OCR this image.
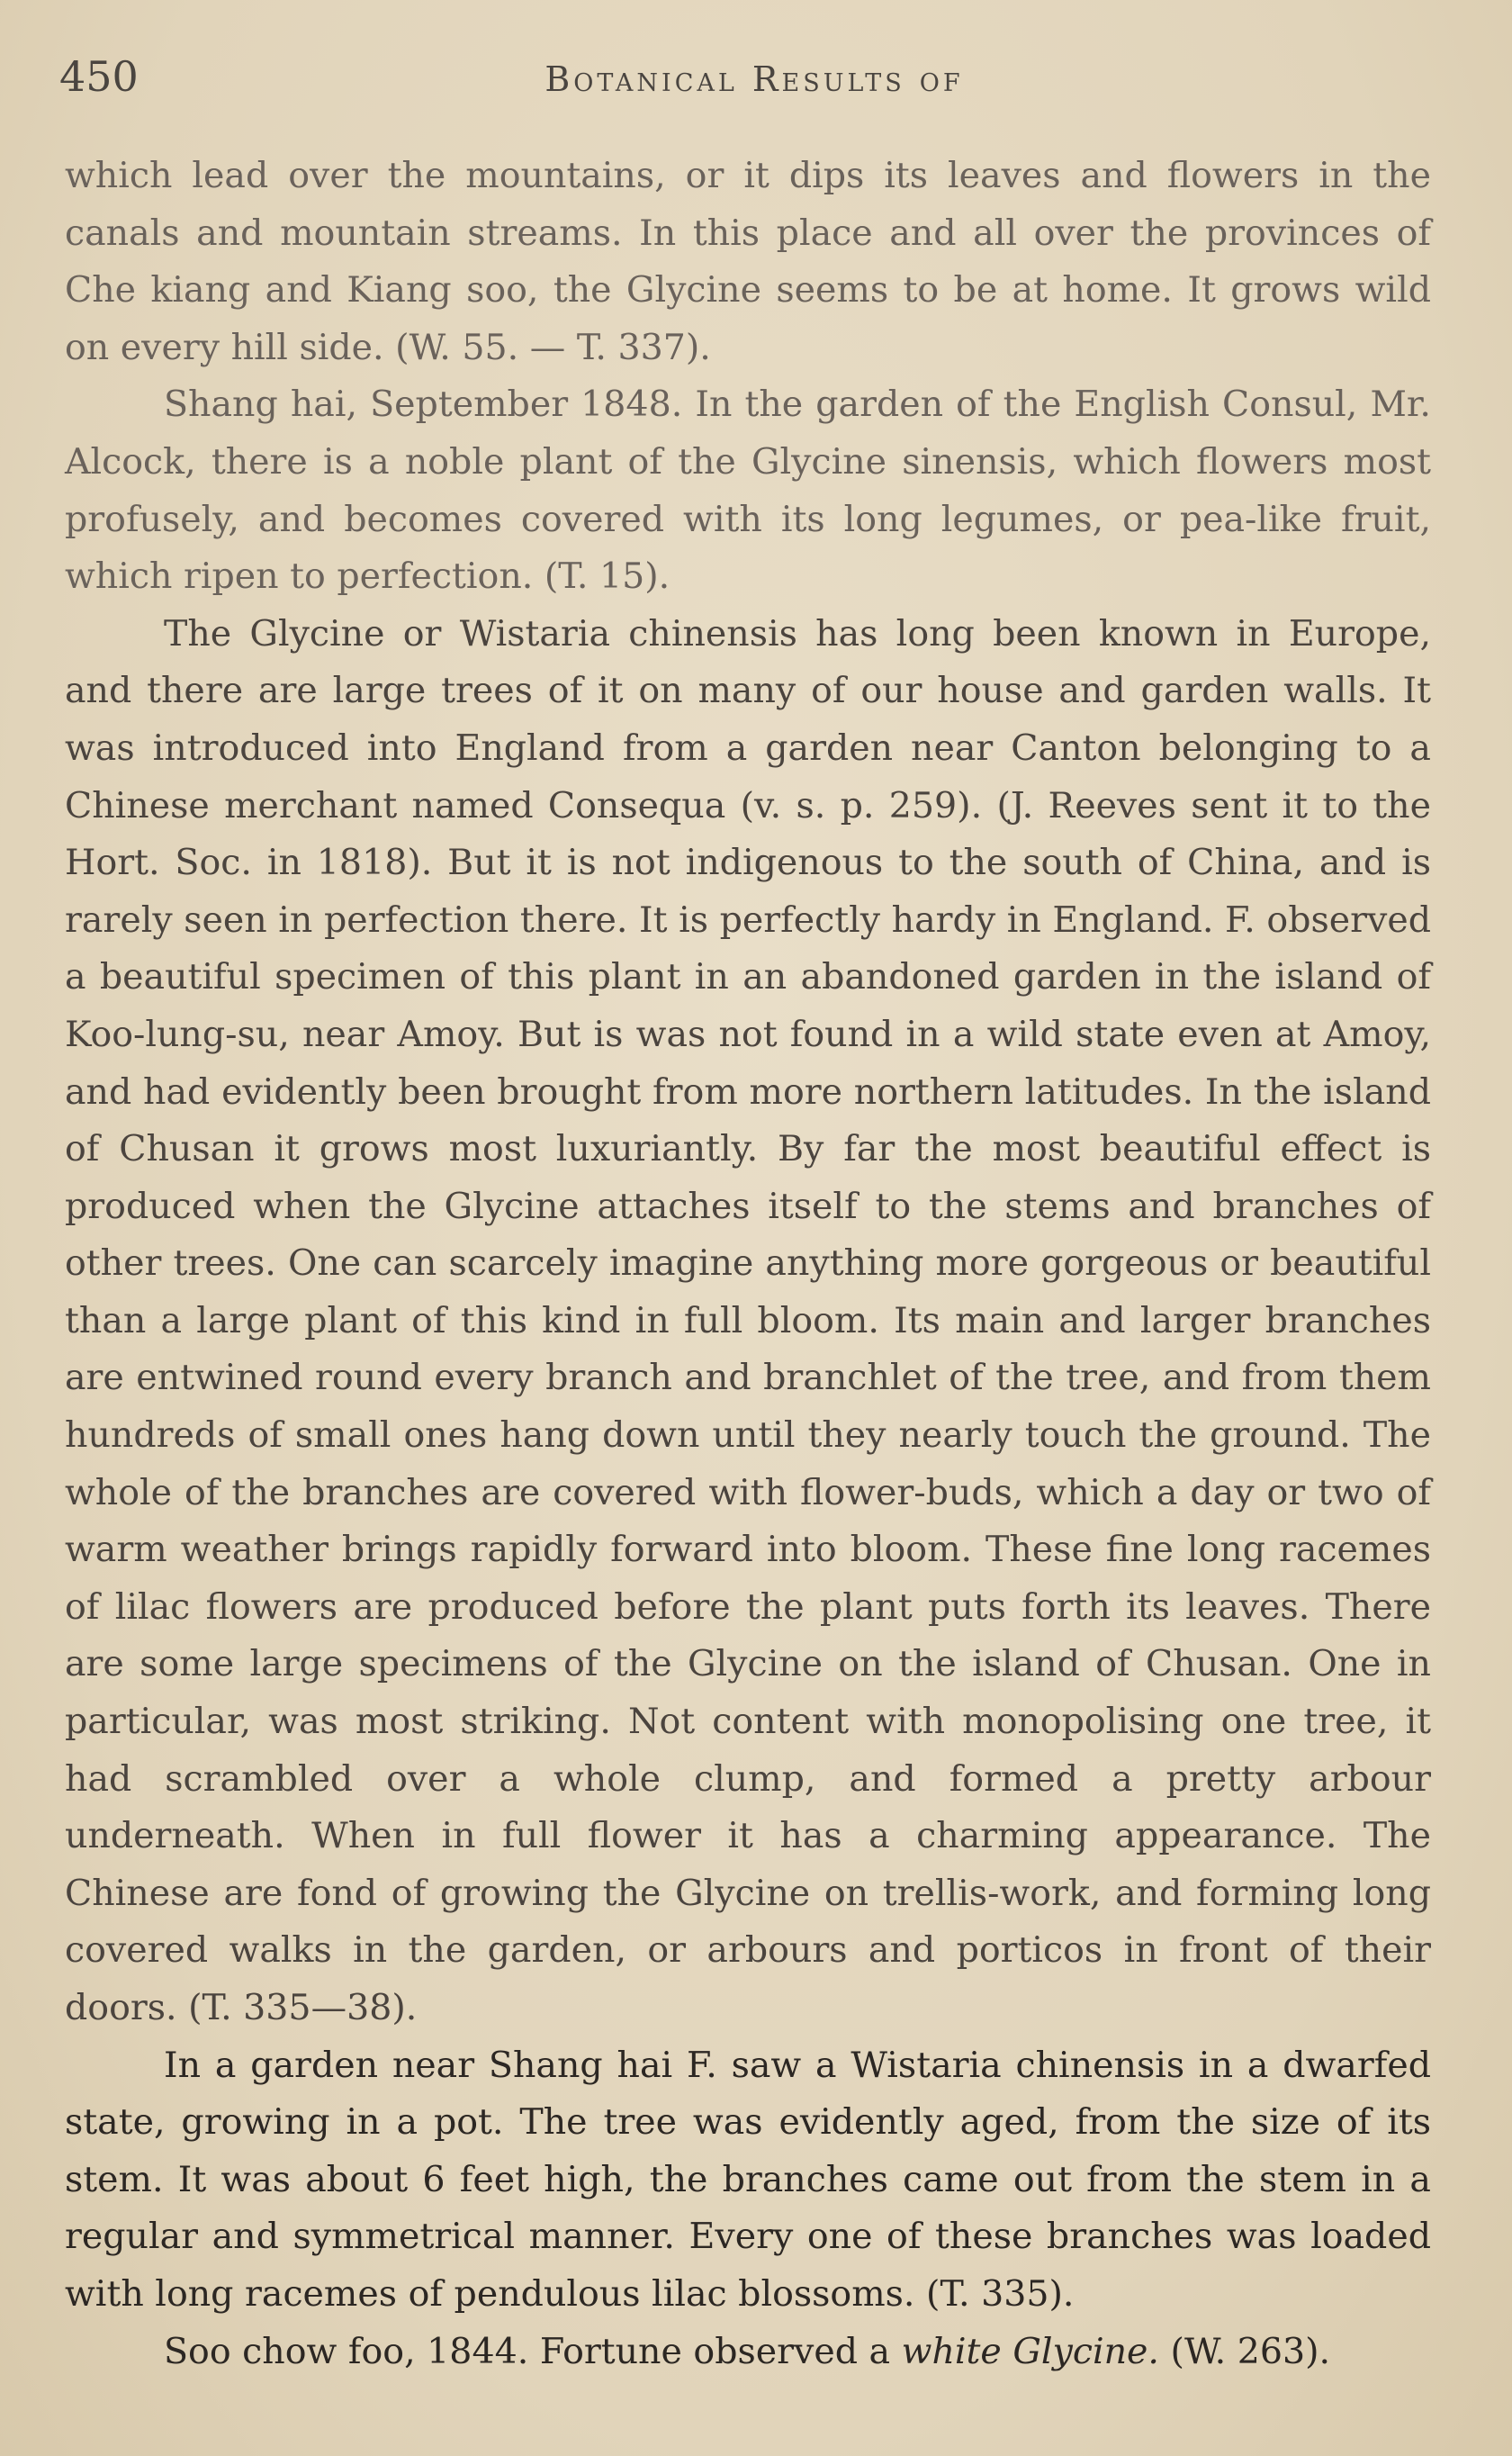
450	Botanical Results of

which lead over the mountains, or it dips its leaves and flowers in the canals and mountain streams. In this place and all over the provinces of Che kiang and Kiang soo, the Glycine seems to be at home. It grows wild on every hill side. (W. 55. — T. 337).

Shang hai, September 1848. In the garden of the English Consul, Mr. Alcock, there is a noble plant of the Glycine sinensis, which flowers most profusely, and becomes covered with its long legumes, or pea-like fruit, which ripen to perfection. (T. 15).

The Glycine or Wistaria chinensis has long been known in Europe, and there are large trees of it on many of our house and garden walls. It was introduced into England from a garden near Canton belonging to a Chinese merchant named Consequa (v. s. p. 259). (J. Reeves sent it to the Hort. Soc. in 1818). But it is not indigenous to the south of China, and is rarely seen in perfection there. It is perfectly hardy in England. F. observed a beautiful specimen of this plant in an abandoned garden in the island of Koo-lung-su, near Amoy. But is was not found in a wild state even at Amoy, and had evidently been brought from more northern latitudes. In the island of Chusan it grows most luxuriantly. By far the most beautiful effect is produced when the Glycine attaches itself to the stems and branches of other trees. One can scarcely imagine anything more gorgeous or beautiful than a large plant of this kind in full bloom. Its main and larger branches are entwined round every branch and branchlet of the tree, and from them hundreds of small ones hang down until they nearly touch the ground. The whole of the branches are covered with flower-buds, which a day or two of warm weather brings rapidly forward into bloom. These fine long racemes of lilac flowers are produced before the plant puts forth its leaves. There are some large specimens of the Glycine on the island of Chusan. One in particular, was most striking. Not content with monopolising one tree, it had scrambled over a whole clump, and formed a pretty arbour underneath. When in full flower it has a charming appearance. The Chinese are fond of growing the Glycine on trellis-work, and forming long covered walks in the garden, or arbours and porticos in front of their doors. (T. 335—38).

In a garden near Shang hai F. saw a Wistaria chinensis in a dwarfed state, growing in a pot. The tree was evidently aged, from the size of its stem. It was about 6 feet high, the branches came out from the stem in a regular and symmetrical manner. Every one of these branches was loaded with long racemes of pendulous lilac blossoms. (T. 335).

Soo chow foo, 1844. Fortune observed a white Glycine. (W. 263).
